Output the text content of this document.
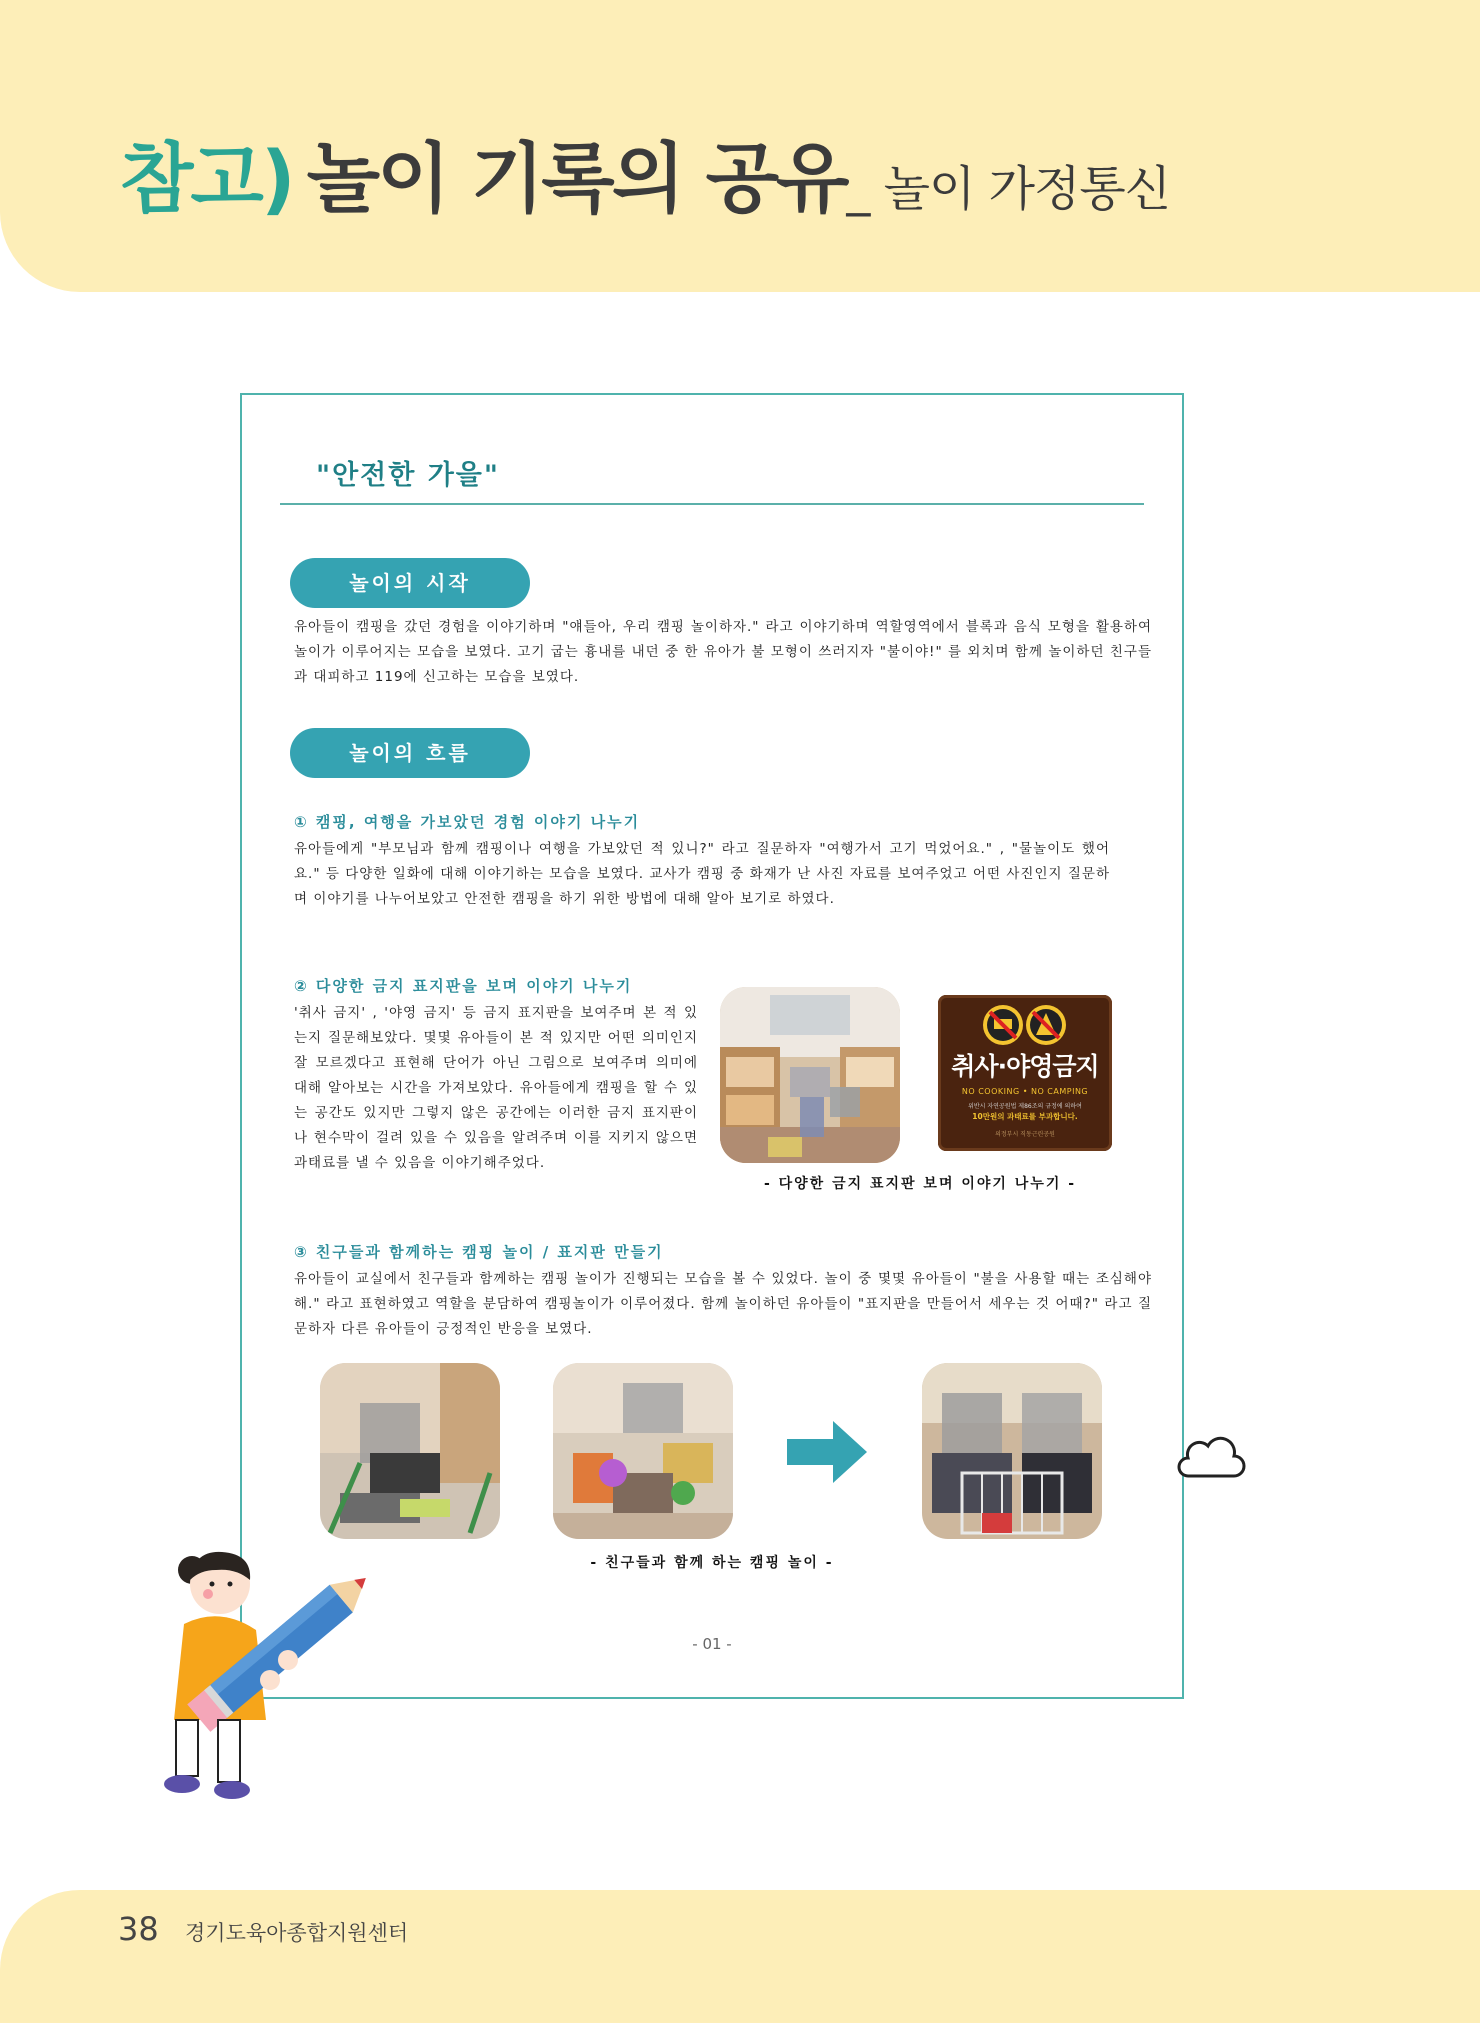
참고) 놀이 기록의 공유_ 놀이 가정통신

"안전한 가을"

놀이의 시작

유아들이 캠핑을 갔던 경험을 이야기하며 "얘들아, 우리 캠핑 놀이하자." 라고 이야기하며 역할영역에서 블록과 음식 모형을 활용하여 놀이가 이루어지는 모습을 보였다. 고기 굽는 흉내를 내던 중 한 유아가 불 모형이 쓰러지자 "불이야!" 를 외치며 함께 놀이하던 친구들과 대피하고 119에 신고하는 모습을 보였다.

놀이의 흐름

① 캠핑, 여행을 가보았던 경험 이야기 나누기

유아들에게 "부모님과 함께 캠핑이나 여행을 가보았던 적 있니?" 라고 질문하자 "여행가서 고기 먹었어요." , "물놀이도 했어요." 등 다양한 일화에 대해 이야기하는 모습을 보였다. 교사가 캠핑 중 화재가 난 사진 자료를 보여주었고 어떤 사진인지 질문하며 이야기를 나누어보았고 안전한 캠핑을 하기 위한 방법에 대해 알아 보기로 하였다.

② 다양한 금지 표지판을 보며 이야기 나누기

'취사 금지' , '야영 금지' 등 금지 표지판을 보여주며 본 적 있는지 질문해보았다. 몇몇 유아들이 본 적 있지만 어떤 의미인지 잘 모르겠다고 표현해 단어가 아닌 그림으로 보여주며 의미에 대해 알아보는 시간을 가져보았다. 유아들에게 캠핑을 할 수 있는 공간도 있지만 그렇지 않은 공간에는 이러한 금지 표지판이나 현수막이 걸려 있을 수 있음을 알려주며 이를 지키지 않으면 과태료를 낼 수 있음을 이야기해주었다.

취사·야영금지
NO COOKING • NO CAMPING
위반시 자연공원법 제86조의 규정에 의하여
10만원의 과태료를 부과합니다.
의정부시 직동근린공원

- 다양한 금지 표지판 보며 이야기 나누기 -

③ 친구들과 함께하는 캠핑 놀이 / 표지판 만들기

유아들이 교실에서 친구들과 함께하는 캠핑 놀이가 진행되는 모습을 볼 수 있었다. 놀이 중 몇몇 유아들이 "불을 사용할 때는 조심해야해." 라고 표현하였고 역할을 분담하여 캠핑놀이가 이루어졌다. 함께 놀이하던 유아들이 "표지판을 만들어서 세우는 것 어때?" 라고 질문하자 다른 유아들이 긍정적인 반응을 보였다.

- 친구들과 함께 하는 캠핑 놀이 -

- 01 -

38 경기도육아종합지원센터
